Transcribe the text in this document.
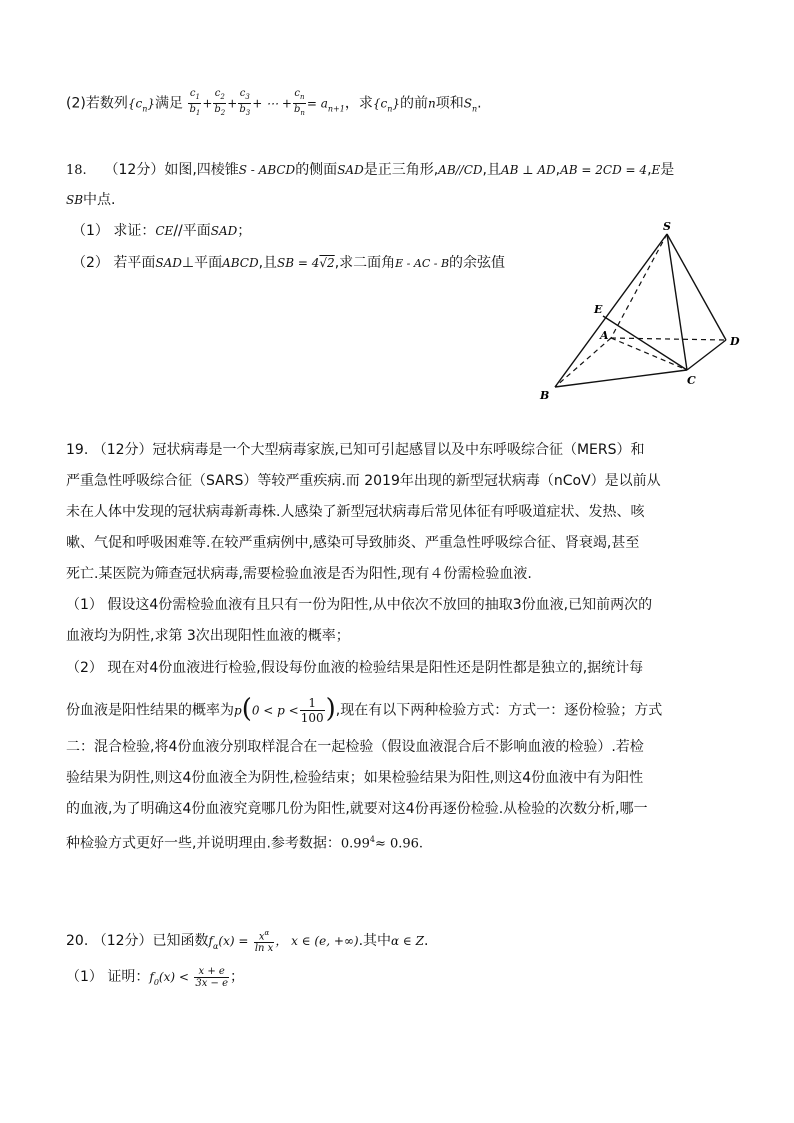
(2)若数列$\{c_n\}$满足 $\frac{c_1}{b_1} + \frac{c_2}{b_2} + \frac{c_3}{b_3}$ + ⋯ + $\frac{c_n}{b_n} = a_{n+1}$，求$\{c_n\}$的前n项和$S_n$.
18. （12分）如图,四棱锥S - ABCD的侧面SAD是正三角形,AB//CD,且AB ⊥ AD,AB = 2CD = 4,E是
SB中点.
（1） 求证：CE//平面SAD；
（2） 若平面SAD⊥平面ABCD,且SB = 4√2,求二面角E - AC - B的余弦值
S
E
A	D
B
C
19. （12分）冠状病毒是一个大型病毒家族,已知可引起感冒以及中东呼吸综合征（MERS）和
严重急性呼吸综合征（SARS）等较严重疾病.而 2019年出现的新型冠状病毒（nCoV）是以前从
未在人体中发现的冠状病毒新毒株.人感染了新型冠状病毒后常见体征有呼吸道症状、发热、咳
嗽、气促和呼吸困难等.在较严重病例中,感染可导致肺炎、严重急性呼吸综合征、肾衰竭,甚至
死亡.某医院为筛查冠状病毒,需要检验血液是否为阳性,现有４份需检验血液.
（1） 假设这4份需检验血液有且只有一份为阳性,从中依次不放回的抽取3份血液,已知前两次的
血液均为阴性,求第 3次出现阳性血液的概率；
（2） 现在对4份血液进行检验,假设每份血液的检验结果是阳性还是阴性都是独立的,据统计每
份血液是阳性结果的概率为$p(0 < p < \frac{1}{100}$ ),现在有以下两种检验方式：方式一：逐份检验；方式
二：混合检验,将4份血液分别取样混合在一起检验（假设血液混合后不影响血液的检验）.若检
验结果为阴性,则这4份血液全为阴性,检验结束；如果检验结果为阳性,则这4份血液中有为阳性
的血液,为了明确这4份血液究竟哪几份为阳性,就要对这4份再逐份检验.从检验的次数分析,哪一
种检验方式更好一些,并说明理由.参考数据：$0.99^4\approx 0.96$.
20. （12分）已知函数$f_\alpha(x) = \frac{x^\alpha}{\text{ln x}}$ ， x ∈ (e, +∞).其中α ∈ Z.
（1） 证明：$f_0(x) < \frac{x + e}{3x - e}$ ；
